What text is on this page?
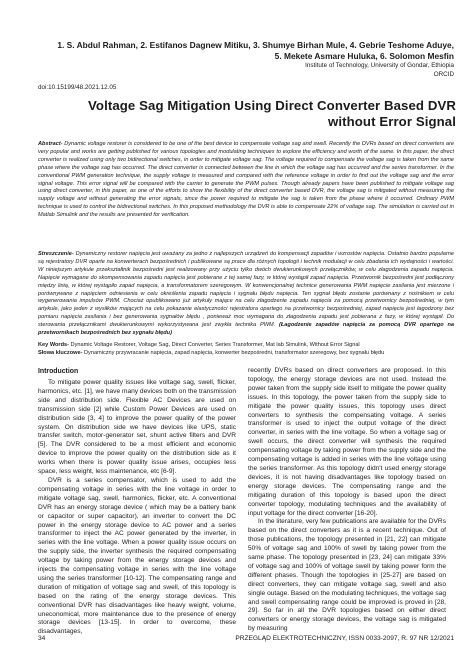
1. S. Abdul Rahman, 2. Estifanos Dagnew Mitiku, 3. Shumye Birhan Mule, 4. Gebrie Teshome Aduye,
5. Mekete Asmare Huluka, 6. Solomon Mesfin
Institute of Technology, University of Gondar, Ethiopia
ORCID
doi:10.15199/48.2021.12.05
Voltage Sag Mitigation Using Direct Converter Based DVR
without Error Signal
Abstract- Dynamic voltage restorer is considered to be one of the best device to compensate voltage sag and swell. Recently the DVRs based on direct converters are very popular and works are getting published for various topologies and modulating techniques to explore the efficiency and worth of the same. In this paper, the direct converter is realized using only two bidirectional switches, in order to mitigate voltage sag. The voltage required to compensate the voltage sag is taken from the same phase where the voltage sag has occurred. The direct converter is connected between the line in which the voltage sag has occurred and the series transformer. In the conventional PWM generation technique, the supply voltage is measured and compared with the reference voltage in order to find out the voltage sag and the error signal voltage. This error signal will be compared with the carrier to generate the PWM pulses. Though already papers have been published to mitigate voltage sag using direct converter, in this paper, as one of the efforts to show the flexibility of the direct converter based DVR, the voltage sag is mitigated without measuring the supply voltage and without generating the error signals, since the power required to mitigate the sag is taken from the phase where it occurred. Ordinary PWM technique is used to control the bidirectional switches. In this proposed methodology the DVR is able to compensate 22% of voltage sag. The simulation is carried out in Matlab Simulink and the results are presented for verification.
Streszczenie- Dynamiczny restorer napięcia jest uważany za jedno z najlepszych urządzeń do kompensacji zapadów i wzrostów napięcia. Ostatnio bardzo popularne są rejestratory DVR oparte na konwerterach bezpośrednich i publikowane są prace dla różnych topologii i technik modulacji w celu zbadania ich wydajności i wartości. W niniejszym artykule przekształtnik bezpośredni jest realizowany przy użyciu tylko dwóch dwukierunkowych przełączników, w celu złagodzenia zapadu napięcia. Napięcie wymagane do skompensowania zapadu napięcia jest pobierane z tej samej fazy, w której wystąpił zapad napięcia. Przetwornik bezpośredni jest podłączony między linią, w której wystąpiło zapad napięcia, a transformatorem szeregowym. W konwencjonalnej technice generowania PWM napięcie zasilania jest mierzone i porównywane z napięciem odniesienia w celu określenia zapadu napięcia i sygnału błędu napięcia. Ten sygnał błędu zostanie porównany z nośnikiem w celu wygenerowania impulsów PWM. Chociaż opublikowano już artykuły mające na celu złagodzenie zapadu napięcia za pomocą przetwornicy bezpośredniej, w tym artykule, jako jeden z wysiłków mających na celu pokazanie elastyczności rejestratora opartego na przetwornicy bezpośredniej, zapad napięcia jest łagodzony bez pomiaru napięcia zasilania i bez generowania sygnałów błędu , ponieważ moc wymagana do złagodzenia zapadu jest pobierana z fazy, w której wystąpił. Do sterowania przełącznikami dwukierunkowymi wykorzystywana jest zwykła technika PWM. (Łagodzenie zapadów napięcia za pomocą DVR opartego na przetwornikach bezpośrednich bez sygnału błędu)
Key Words- Dynamic Voltage Restorer, Voltage Sag, Direct Converter, Series Transformer, Mat lab Simulink, Without Error Signal
Słowa kluczowe- Dynamiczny przywracanie napięcia, zapad napięcia, konwerter bezpośredni, transformator szeregowy, bez sygnału błędu
Introduction

To mitigate power quality issues like voltage sag, swell, flicker, harmonics, etc. [1], we have many devices both on the transmission side and distribution side. Flexible AC Devices are used on transmission side [2] while Custom Power Devices are used on distribution side [3, 4] to improve the power quality of the power system. On distribution side we have devices like UPS, static transfer switch, motor-generator set, shunt active filters and DVR [5]. The DVR considered to be a most efficient and economic device to improve the power quality on the distribution side as it works when there is power quality issue arises, occupies less space, less weight, less maintenance, etc [6-9].

DVR is a series compensator, which is used to add the compensating voltage in series with the line voltage in order to mitigate voltage sag, swell, harmonics, flicker, etc. A conventional DVR has an energy storage device ( which may be a battery bank or capacitor or super capacitor), an inverter to convert the DC power in the energy storage device to AC power and a series transformer to inject the AC power generated by the inverter, in series with the line voltage. When a power quality issue occurs on the supply side, the inverter synthesis the required compensating voltage by taking power from the energy storage devices and injects the compensating voltage in series with the line voltage using the series transformer [10-12]. The compensating range and duration of mitigation of voltage sag and swell, of this topology is based on the rating of the energy storage devices. This conventional DVR has disadvantages like heavy weight, volume, uneconomical, more maintenance due to the presence of energy storage devices [13-15]. In order to overcome, these disadvantages,

recently DVRs based on direct converters are proposed. In this topology, the energy storage devices are not used. Instead the power taken from the supply side itself to mitigate the power quality issues. In this topology, the power taken from the supply side to mitigate the power quality issues, this topology uses direct converters to synthesis the compensating voltage. A series transformer is used to inject the output voltage of the direct converter, in series with the line voltage. So when a voltage sag or swell occurs, the direct converter will synthesis the required compensating voltage by taking power from the supply side and the compensating voltage is added in series with the line voltage using the series transformer. As this topology didn't used energy storage devices, it is not having disadvantages like topology based on energy storage devices. The compensating range and the mitigating duration of this topology is based upon the direct converter topology, modulating techniques and the availability of input voltage for the direct converter [16-20].

In the literature, very few publications are available for the DVRs based on the direct converters as it is a recent technique. Out of those publications, the topology presented in [21, 22] can mitigate 50% of voltage sag and 100% of swell by taking power from the same phase. The topology presented in [23, 24] can mitigate 33% of voltage sag and 100% of voltage swell by taking power form the different phases. Though the topologies in [25-27] are based on direct converters, they can mitigate voltage sag, swell and also single outage. Based on the modulating techniques, the voltage sag and swell compensating range could be improved is proved in [28, 29]. So far in all the DVR topologies based on either direct converters or energy storage devices, the voltage sag is mitigated by measuring

34	PRZEGLĄD ELEKTROTECHNICZNY, ISSN 0033-2097, R. 97 NR 12/2021
